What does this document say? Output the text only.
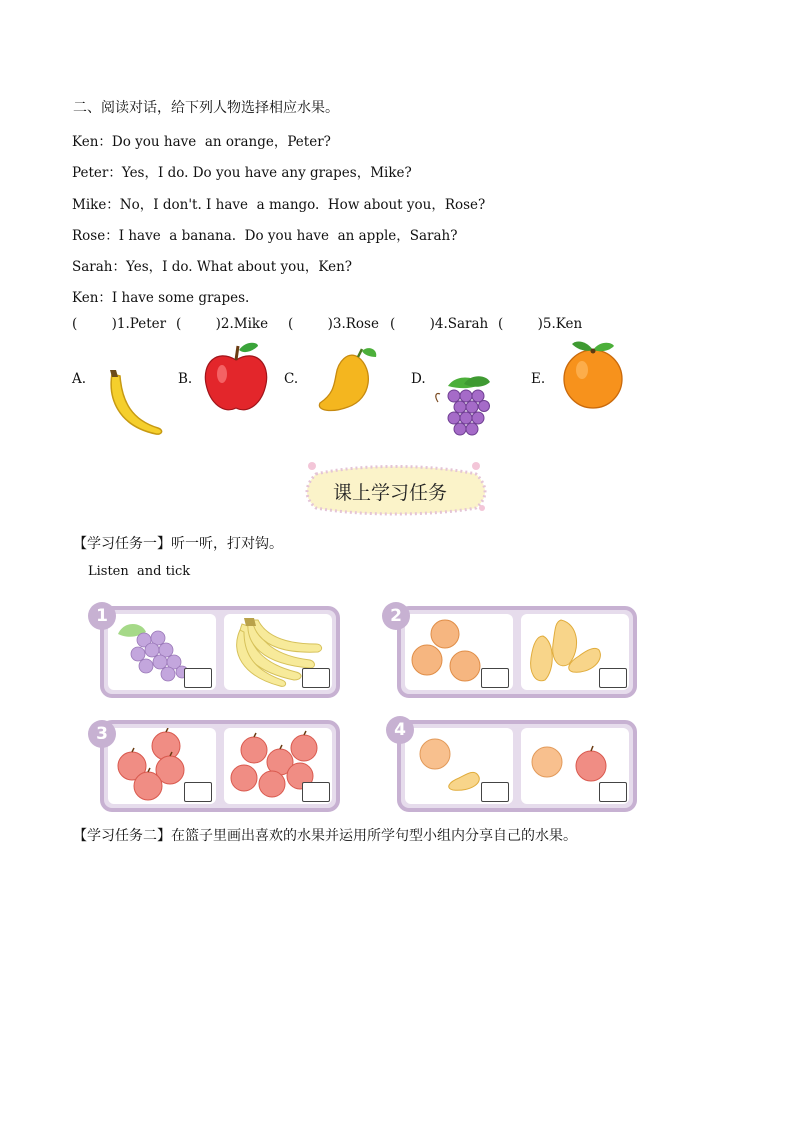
二、阅读对话，给下列人物选择相应水果。
Ken：Do you have  an orange，Peter?
Peter：Yes，I do. Do you have any grapes，Mike?
Mike：No，I don't. I have  a mango.  How about you，Rose?
Rose：I have  a banana.  Do you have  an apple，Sarah?
Sarah：Yes，I do. What about you，Ken?
Ken：I have some grapes.
(        )1.Peter (        )2.Mike (        )3.Rose (        )4.Sarah (        )5.Ken
A.	B.	C.	D.	E.
课上学习任务
【学习任务一】听一听，打对钩。
Listen  and tick
1	2
3	4
【学习任务二】在篮子里画出喜欢的水果并运用所学句型小组内分享自己的水果。
